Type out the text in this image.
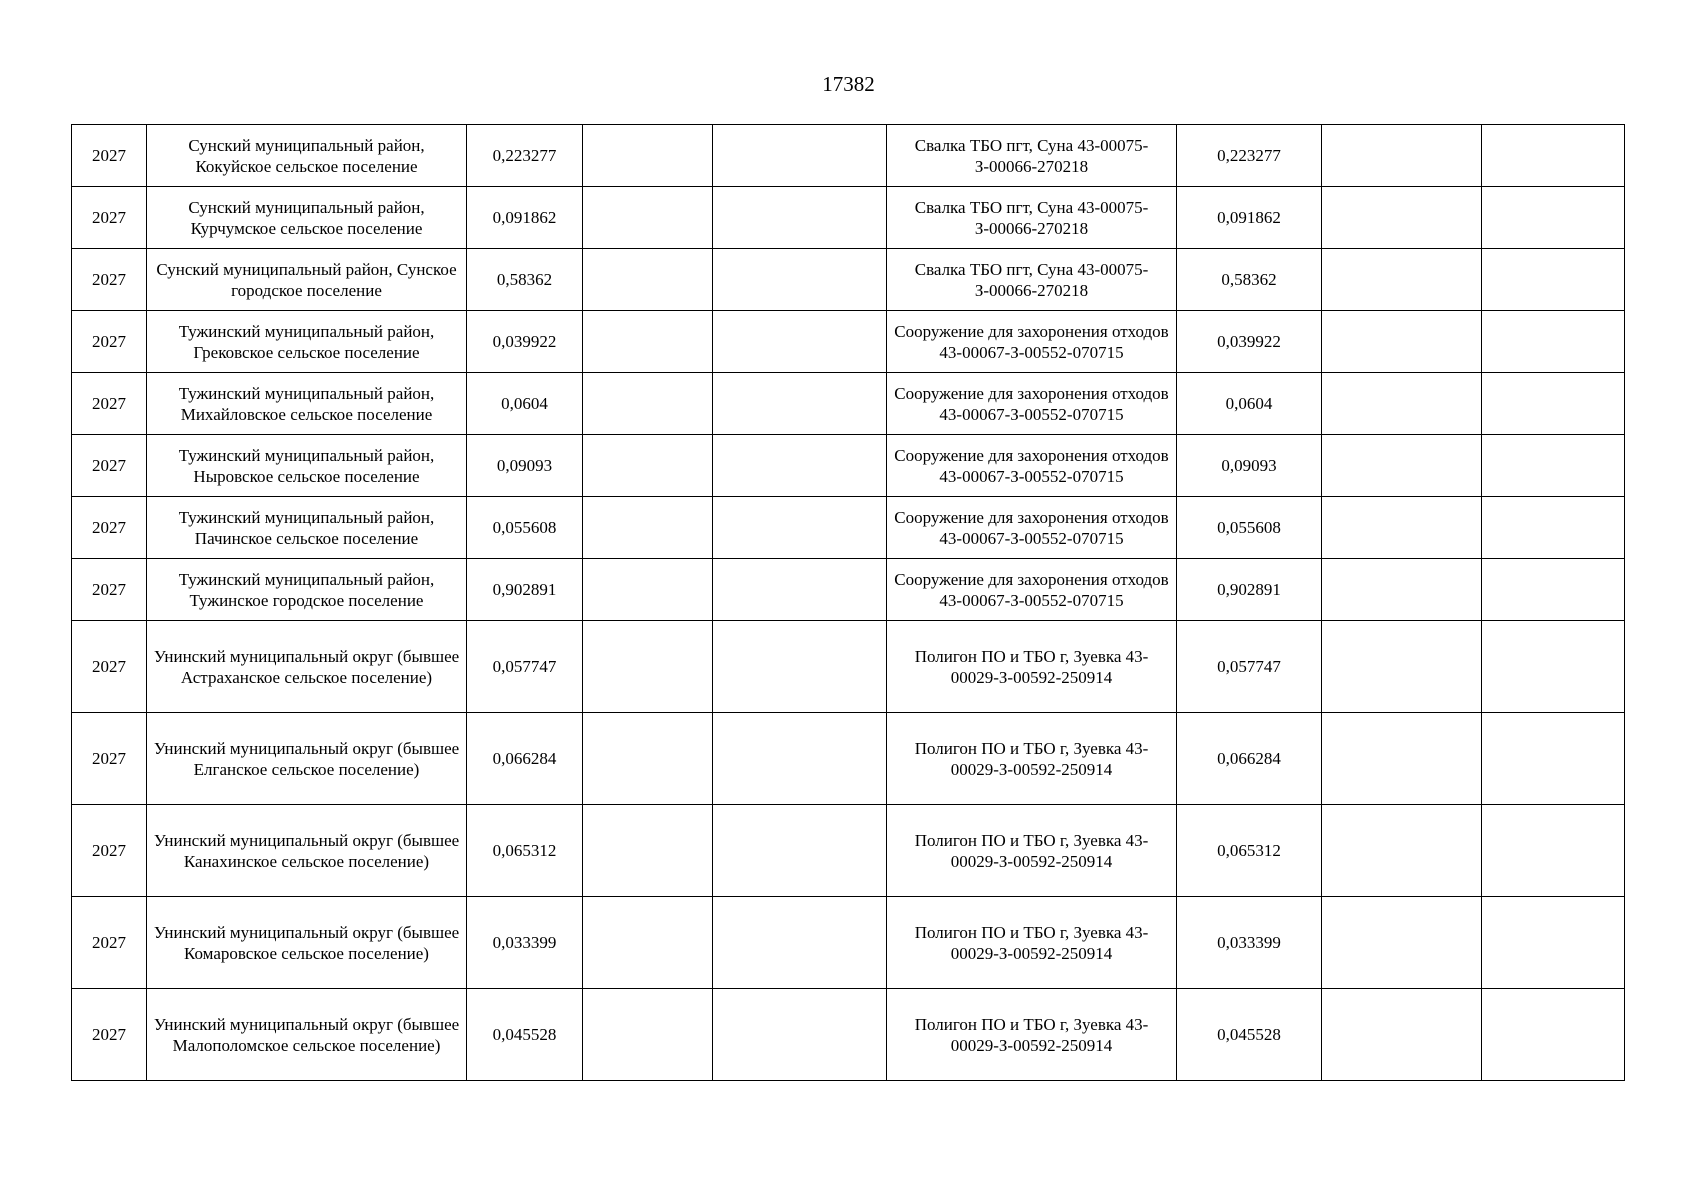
17382
2027	Сунский муниципальный район, Кокуйское сельское поселение	0,223277			Свалка ТБО пгт, Суна 43-00075-З-00066-270218	0,223277		
2027	Сунский муниципальный район, Курчумское сельское поселение	0,091862			Свалка ТБО пгт, Суна 43-00075-З-00066-270218	0,091862		
2027	Сунский муниципальный район, Сунское городское поселение	0,58362			Свалка ТБО пгт, Суна 43-00075-З-00066-270218	0,58362		
2027	Тужинский муниципальный район, Грековское сельское поселение	0,039922			Сооружение для захоронения отходов 43-00067-З-00552-070715	0,039922		
2027	Тужинский муниципальный район, Михайловское сельское поселение	0,0604			Сооружение для захоронения отходов 43-00067-З-00552-070715	0,0604		
2027	Тужинский муниципальный район, Ныровское сельское поселение	0,09093			Сооружение для захоронения отходов 43-00067-З-00552-070715	0,09093		
2027	Тужинский муниципальный район, Пачинское сельское поселение	0,055608			Сооружение для захоронения отходов 43-00067-З-00552-070715	0,055608		
2027	Тужинский муниципальный район, Тужинское городское поселение	0,902891			Сооружение для захоронения отходов 43-00067-З-00552-070715	0,902891		
2027	Унинский муниципальный округ (бывшее Астраханское сельское поселение)	0,057747			Полигон ПО и ТБО г, Зуевка 43-00029-З-00592-250914	0,057747		
2027	Унинский муниципальный округ (бывшее Елганское сельское поселение)	0,066284			Полигон ПО и ТБО г, Зуевка 43-00029-З-00592-250914	0,066284		
2027	Унинский муниципальный округ (бывшее Канахинское сельское поселение)	0,065312			Полигон ПО и ТБО г, Зуевка 43-00029-З-00592-250914	0,065312		
2027	Унинский муниципальный округ (бывшее Комаровское сельское поселение)	0,033399			Полигон ПО и ТБО г, Зуевка 43-00029-З-00592-250914	0,033399		
2027	Унинский муниципальный округ (бывшее Малополомское сельское поселение)	0,045528			Полигон ПО и ТБО г, Зуевка 43-00029-З-00592-250914	0,045528		
